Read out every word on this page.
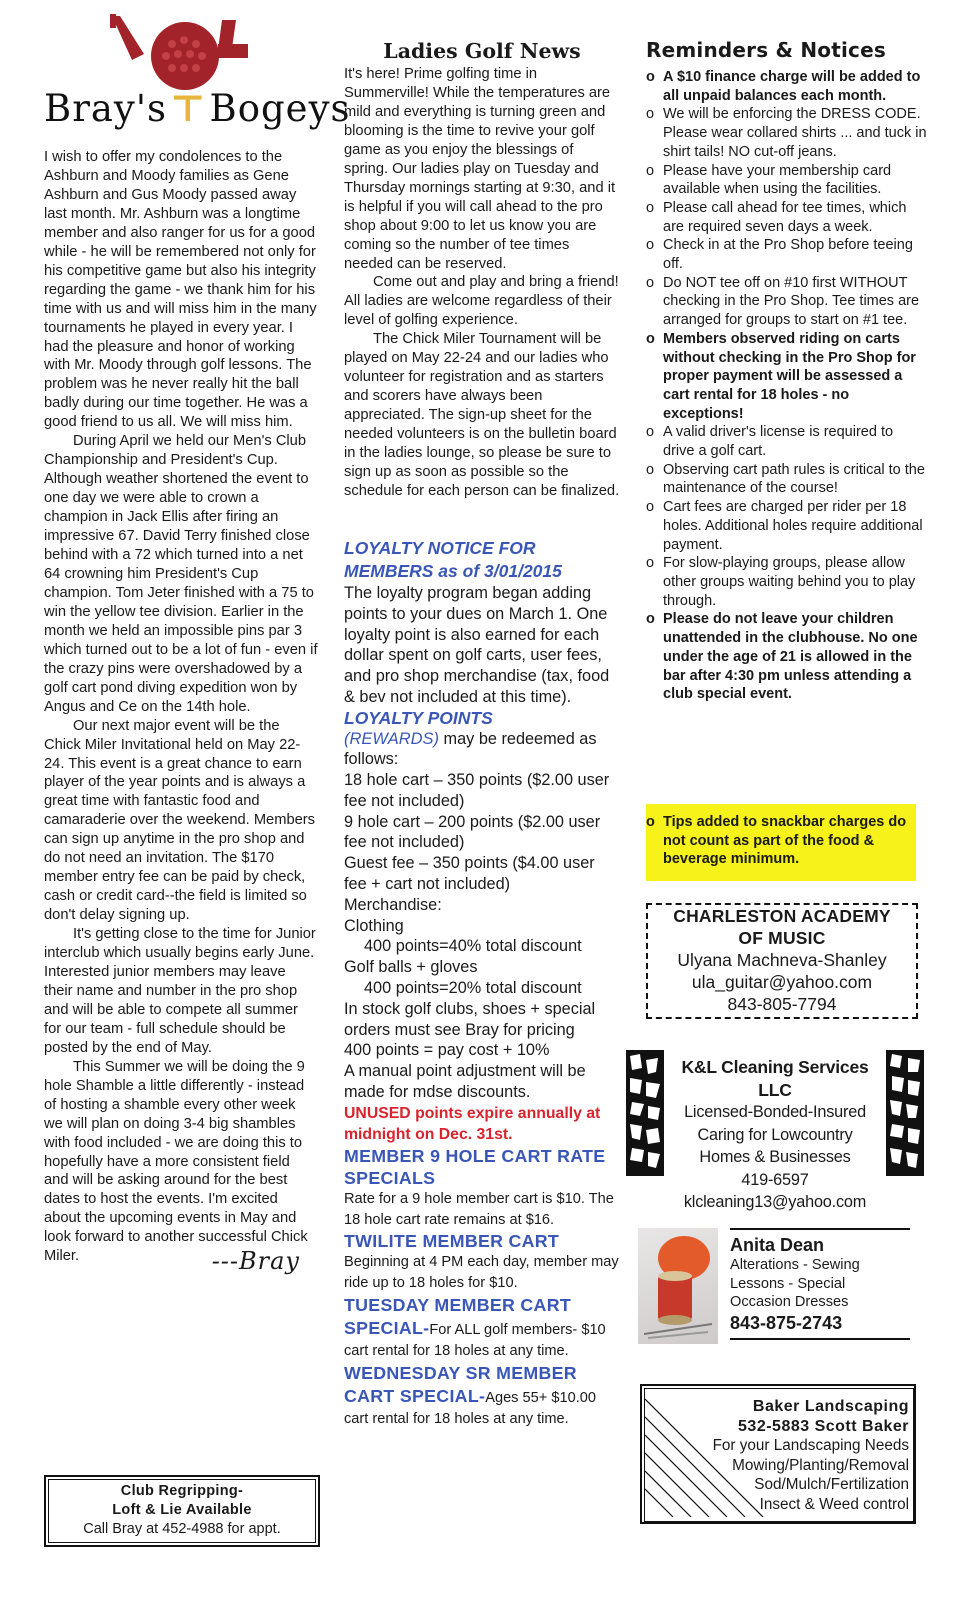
Bray's⊤Bogeys

I wish to offer my condolences to the Ashburn and Moody families as Gene Ashburn and Gus Moody passed away last month. Mr. Ashburn was a longtime member and also ranger for us for a good while - he will be remembered not only for his competitive game but also his integrity regarding the game - we thank him for his time with us and will miss him in the many tournaments he played in every year. I had the pleasure and honor of working with Mr. Moody through golf lessons. The problem was he never really hit the ball badly during our time together. He was a good friend to us all. We will miss him.

During April we held our Men's Club Championship and President's Cup. Although weather shortened the event to one day we were able to crown a champion in Jack Ellis after firing an impressive 67. David Terry finished close behind with a 72 which turned into a net 64 crowning him President's Cup champion. Tom Jeter finished with a 75 to win the yellow tee division. Earlier in the month we held an impossible pins par 3 which turned out to be a lot of fun - even if the crazy pins were overshadowed by a golf cart pond diving expedition won by Angus and Ce on the 14th hole.

Our next major event will be the Chick Miler Invitational held on May 22-24. This event is a great chance to earn player of the year points and is always a great time with fantastic food and camaraderie over the weekend. Members can sign up anytime in the pro shop and do not need an invitation. The $170 member entry fee can be paid by check, cash or credit card--the field is limited so don't delay signing up.

It's getting close to the time for Junior interclub which usually begins early June. Interested junior members may leave their name and number in the pro shop and will be able to compete all summer for our team - full schedule should be posted by the end of May.

This Summer we will be doing the 9 hole Shamble a little differently - instead of hosting a shamble every other week we will plan on doing 3-4 big shambles with food included - we are doing this to hopefully have a more consistent field and will be asking around for the best dates to host the events. I'm excited about the upcoming events in May and look forward to another successful Chick Miler.	---Bray
Club Regripping-
Loft & Lie Available
Call Bray at 452-4988 for appt.
Ladies Golf News

It's here! Prime golfing time in Summerville! While the temperatures are mild and everything is turning green and blooming is the time to revive your golf game as you enjoy the blessings of spring. Our ladies play on Tuesday and Thursday mornings starting at 9:30, and it is helpful if you will call ahead to the pro shop about 9:00 to let us know you are coming so the number of tee times needed can be reserved.

Come out and play and bring a friend! All ladies are welcome regardless of their level of golfing experience.

The Chick Miler Tournament will be played on May 22-24 and our ladies who volunteer for registration and as starters and scorers have always been appreciated. The sign-up sheet for the needed volunteers is on the bulletin board in the ladies lounge, so please be sure to sign up as soon as possible so the schedule for each person can be finalized.

LOYALTY NOTICE FOR MEMBERS as of 3/01/2015

The loyalty program began adding points to your dues on March 1. One loyalty point is also earned for each dollar spent on golf carts, user fees, and pro shop merchandise (tax, food & bev not included at this time).

LOYALTY POINTS

(REWARDS) may be redeemed as follows:

18 hole cart – 350 points ($2.00 user fee not included)

9 hole cart – 200 points ($2.00 user fee not included)

Guest fee – 350 points ($4.00 user fee + cart not included)

Merchandise:

Clothing

400 points=40% total discount

Golf balls + gloves

400 points=20% total discount

In stock golf clubs, shoes + special orders must see Bray for pricing

400 points = pay cost + 10%

A manual point adjustment will be made for mdse discounts.

UNUSED points expire annually at midnight on Dec. 31st.
MEMBER 9 HOLE CART RATE SPECIALS
Rate for a 9 hole member cart is $10. The 18 hole cart rate remains at $16.
TWILITE MEMBER CART
Beginning at 4 PM each day, member may ride up to 18 holes for $10.
TUESDAY MEMBER CART SPECIAL-For ALL golf members- $10 cart rental for 18 holes at any time.
WEDNESDAY SR MEMBER CART SPECIAL-Ages 55+ $10.00 cart rental for 18 holes at any time.
Reminders & Notices
o A $10 finance charge will be added to all unpaid balances each month.
o We will be enforcing the DRESS CODE. Please wear collared shirts ... and tuck in shirt tails! NO cut-off jeans.
o Please have your membership card available when using the facilities.
o Please call ahead for tee times, which are required seven days a week.
o Check in at the Pro Shop before teeing off.
o Do NOT tee off on #10 first WITHOUT checking in the Pro Shop. Tee times are arranged for groups to start on #1 tee.
o Members observed riding on carts without checking in the Pro Shop for proper payment will be assessed a cart rental for 18 holes - no exceptions!
o A valid driver's license is required to drive a golf cart.
o Observing cart path rules is critical to the maintenance of the course!
o Cart fees are charged per rider per 18 holes. Additional holes require additional payment.
o For slow-playing groups, please allow other groups waiting behind you to play through.
o Please do not leave your children unattended in the clubhouse. No one under the age of 21 is allowed in the bar after 4:30 pm unless attending a club special event.
o Tips added to snackbar charges do not count as part of the food & beverage minimum.
CHARLESTON ACADEMY
OF MUSIC
Ulyana Machneva-Shanley
ula_guitar@yahoo.com
843-805-7794
K&L Cleaning Services LLC
Licensed-Bonded-Insured
Caring for Lowcountry
Homes & Businesses
419-6597
klcleaning13@yahoo.com
Anita Dean
Alterations - Sewing
Lessons - Special
Occasion Dresses
843-875-2743
Baker Landscaping
532-5883 Scott Baker
For your Landscaping Needs
Mowing/Planting/Removal
Sod/Mulch/Fertilization
Insect & Weed control
